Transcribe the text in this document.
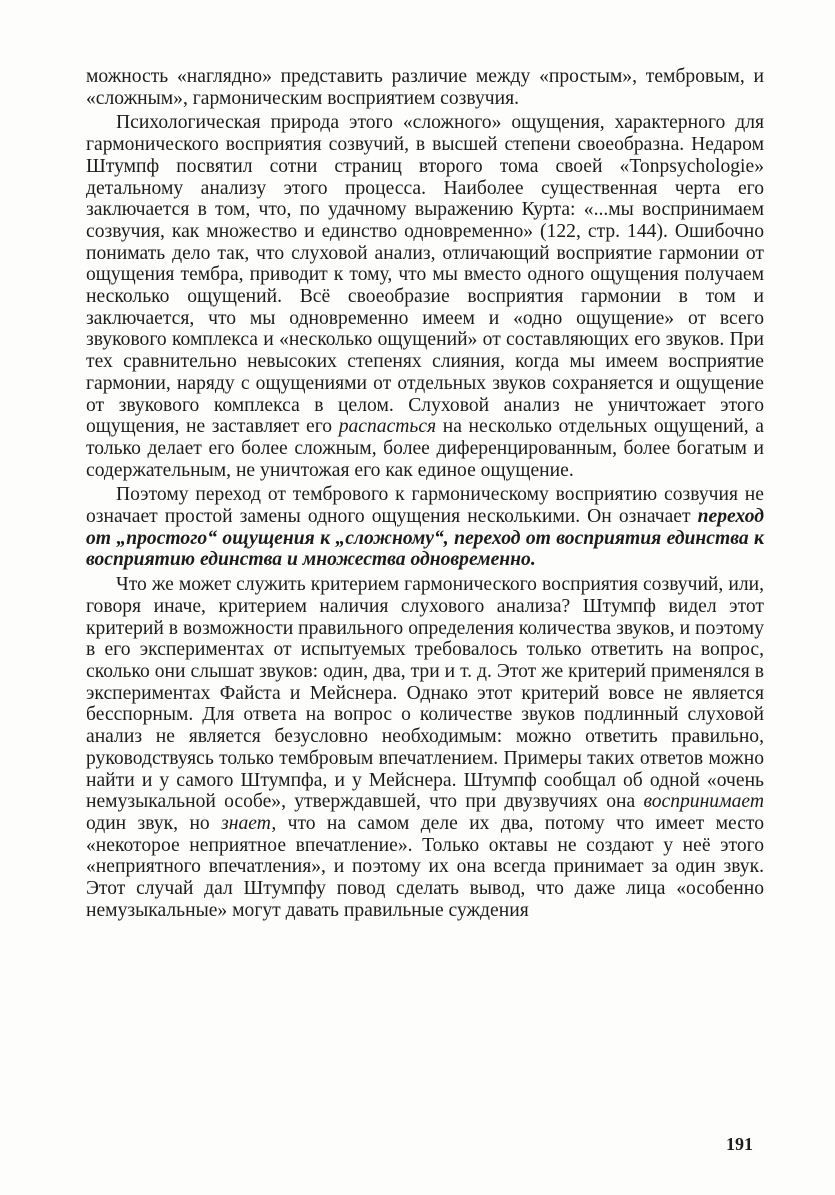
можность «наглядно» представить различие между «простым», тембровым, и «сложным», гармоническим восприятием созвучия.

Психологическая природа этого «сложного» ощущения, характерного для гармонического восприятия созвучий, в высшей степени своеобразна. Недаром Штумпф посвятил сотни страниц второго тома своей «Tonpsychologie» детальному анализу этого процесса. Наиболее существенная черта его заключается в том, что, по удачному выражению Курта: «...мы воспринимаем созвучия, как множество и единство одновременно» (122, стр. 144). Ошибочно понимать дело так, что слуховой анализ, отличающий восприятие гармонии от ощущения тембра, приводит к тому, что мы вместо одного ощущения получаем несколько ощущений. Всё своеобразие восприятия гармонии в том и заключается, что мы одновременно имеем и «одно ощущение» от всего звукового комплекса и «несколько ощущений» от составляющих его звуков. При тех сравнительно невысоких степенях слияния, когда мы имеем восприятие гармонии, наряду с ощущениями от отдельных звуков сохраняется и ощущение от звукового комплекса в целом. Слуховой анализ не уничтожает этого ощущения, не заставляет его распасться на несколько отдельных ощущений, а только делает его более сложным, более диференцированным, более богатым и содержательным, не уничтожая его как единое ощущение.

Поэтому переход от тембрового к гармоническому восприятию созвучия не означает простой замены одного ощущения несколькими. Он означает переход от „простого“ ощущения к „сложному“, переход от восприятия единства к восприятию единства и множества одновременно.

Что же может служить критерием гармонического восприятия созвучий, или, говоря иначе, критерием наличия слухового анализа? Штумпф видел этот критерий в возможности правильного определения количества звуков, и поэтому в его экспериментах от испытуемых требовалось только ответить на вопрос, сколько они слышат звуков: один, два, три и т. д. Этот же критерий применялся в экспериментах Файста и Мейснера. Однако этот критерий вовсе не является бесспорным. Для ответа на вопрос о количестве звуков подлинный слуховой анализ не является безусловно необходимым: можно ответить правильно, руководствуясь только тембровым впечатлением. Примеры таких ответов можно найти и у самого Штумпфа, и у Мейснера. Штумпф сообщал об одной «очень немузыкальной особе», утверждавшей, что при двузвучиях она воспринимает один звук, но знает, что на самом деле их два, потому что имеет место «некоторое неприятное впечатление». Только октавы не создают у неё этого «неприятного впечатления», и поэтому их она всегда принимает за один звук. Этот случай дал Штумпфу повод сделать вывод, что даже лица «особенно немузыкальные» могут давать правильные суждения

191
